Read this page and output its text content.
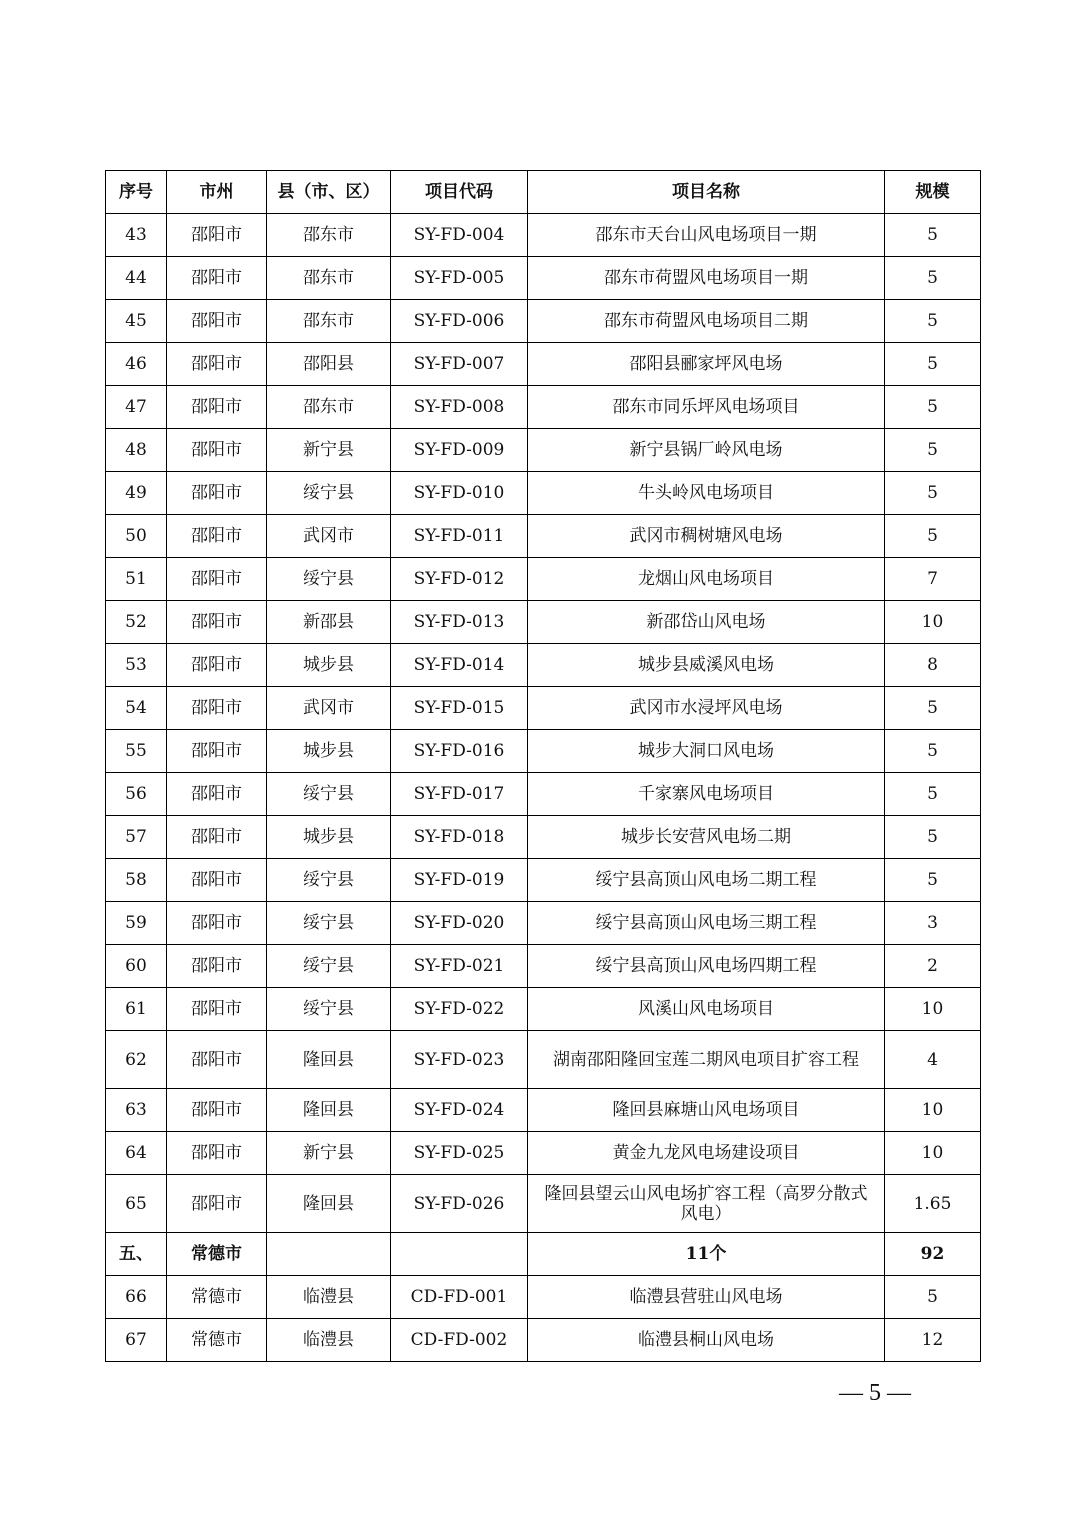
序号	市州	县（市、区）	项目代码	项目名称	规模
43	邵阳市	邵东市	SY-FD-004	邵东市天台山风电场项目一期	5
44	邵阳市	邵东市	SY-FD-005	邵东市荷盟风电场项目一期	5
45	邵阳市	邵东市	SY-FD-006	邵东市荷盟风电场项目二期	5
46	邵阳市	邵阳县	SY-FD-007	邵阳县郦家坪风电场	5
47	邵阳市	邵东市	SY-FD-008	邵东市同乐坪风电场项目	5
48	邵阳市	新宁县	SY-FD-009	新宁县锅厂岭风电场	5
49	邵阳市	绥宁县	SY-FD-010	牛头岭风电场项目	5
50	邵阳市	武冈市	SY-FD-011	武冈市稠树塘风电场	5
51	邵阳市	绥宁县	SY-FD-012	龙烟山风电场项目	7
52	邵阳市	新邵县	SY-FD-013	新邵岱山风电场	10
53	邵阳市	城步县	SY-FD-014	城步县威溪风电场	8
54	邵阳市	武冈市	SY-FD-015	武冈市水浸坪风电场	5
55	邵阳市	城步县	SY-FD-016	城步大洞口风电场	5
56	邵阳市	绥宁县	SY-FD-017	千家寨风电场项目	5
57	邵阳市	城步县	SY-FD-018	城步长安营风电场二期	5
58	邵阳市	绥宁县	SY-FD-019	绥宁县高顶山风电场二期工程	5
59	邵阳市	绥宁县	SY-FD-020	绥宁县高顶山风电场三期工程	3
60	邵阳市	绥宁县	SY-FD-021	绥宁县高顶山风电场四期工程	2
61	邵阳市	绥宁县	SY-FD-022	风溪山风电场项目	10
62	邵阳市	隆回县	SY-FD-023	湖南邵阳隆回宝莲二期风电项目扩容工程	4
63	邵阳市	隆回县	SY-FD-024	隆回县麻塘山风电场项目	10
64	邵阳市	新宁县	SY-FD-025	黄金九龙风电场建设项目	10
65	邵阳市	隆回县	SY-FD-026	隆回县望云山风电场扩容工程（高罗分散式风电）	1.65
五、	常德市			11个	92
66	常德市	临澧县	CD-FD-001	临澧县营驻山风电场	5
67	常德市	临澧县	CD-FD-002	临澧县桐山风电场	12
— 5 —
